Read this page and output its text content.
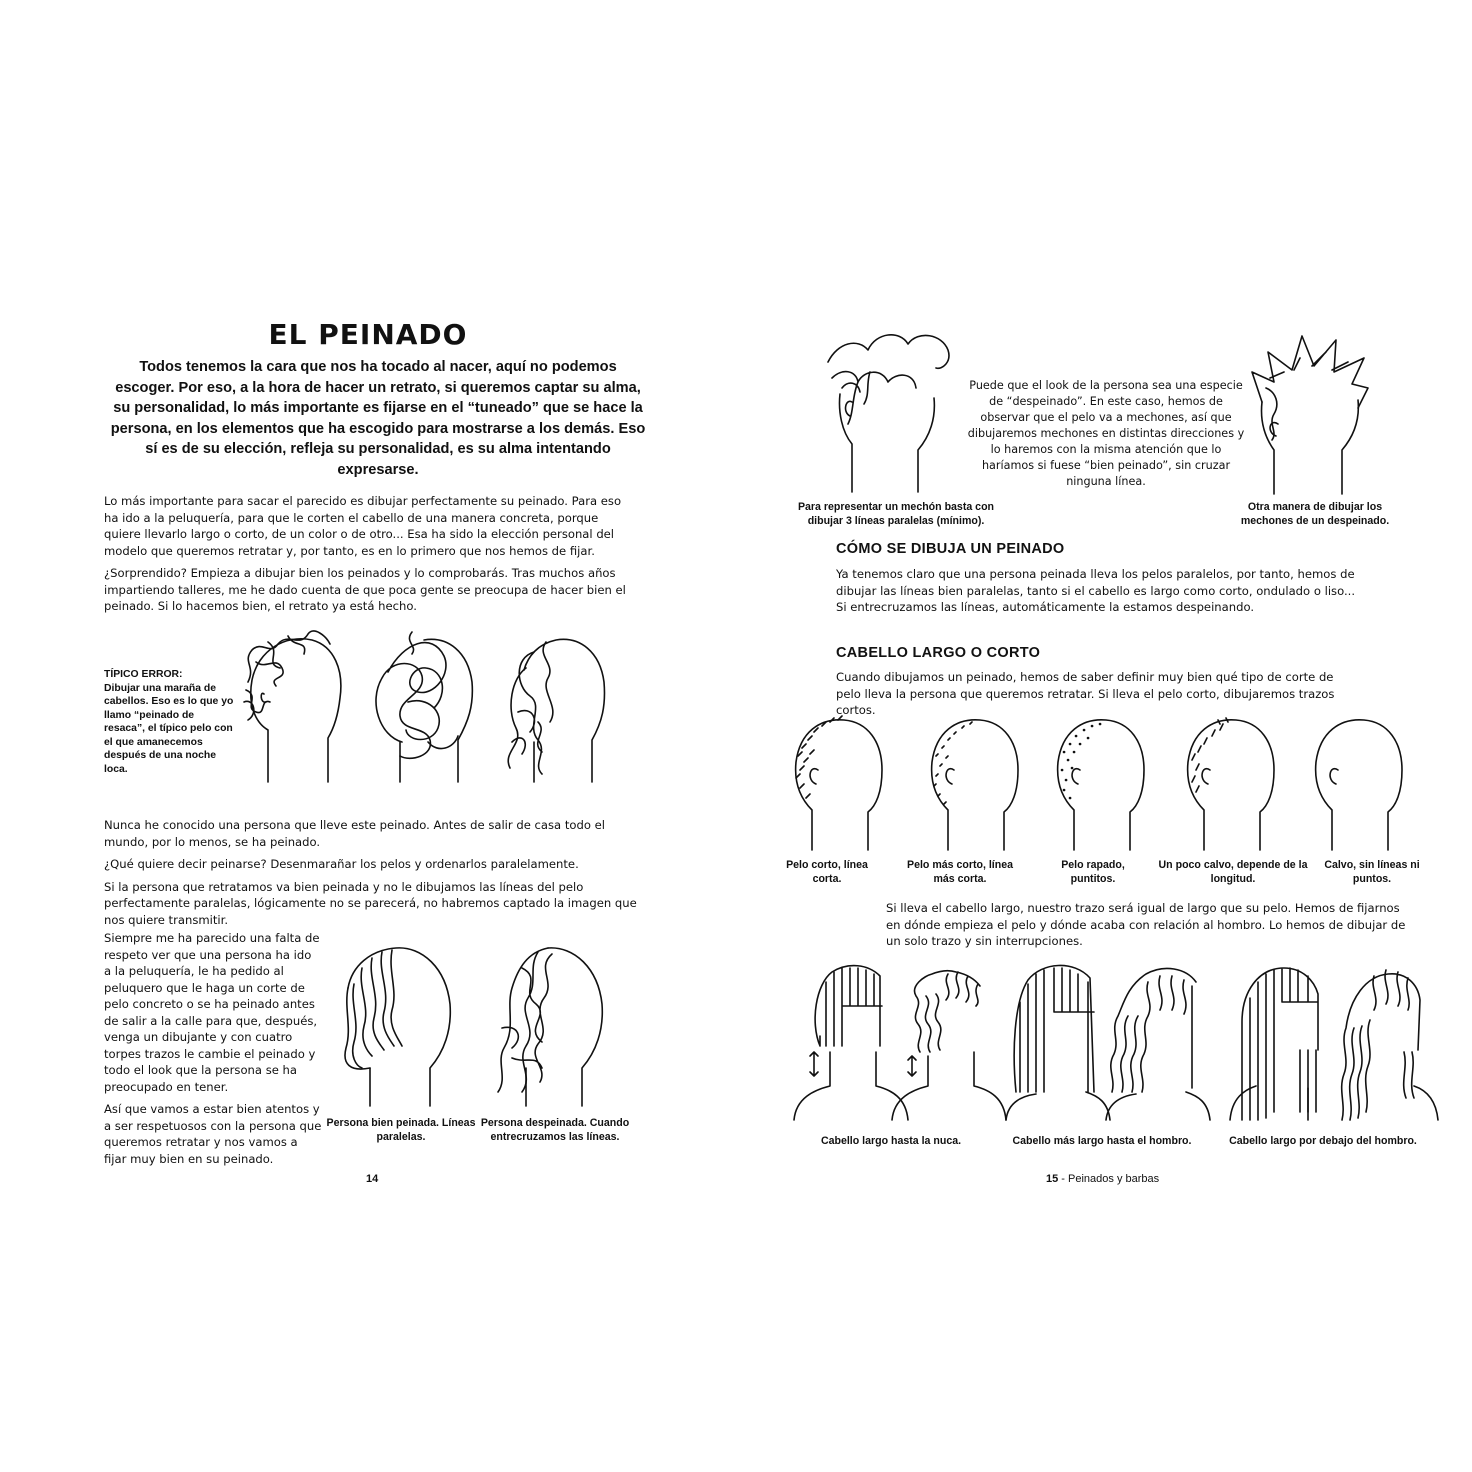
EL PEINADO
Todos tenemos la cara que nos ha tocado al nacer, aquí no podemos escoger. Por eso, a la hora de hacer un retrato, si queremos captar su alma, su personalidad, lo más importante es fijarse en el “tuneado” que se hace la persona, en los elementos que ha escogido para mostrarse a los demás. Eso sí es de su elección, refleja su personalidad, es su alma intentando expresarse.

Lo más importante para sacar el parecido es dibujar perfectamente su peinado. Para eso ha ido a la peluquería, para que le corten el cabello de una manera concreta, porque quiere llevarlo largo o corto, de un color o de otro... Esa ha sido la elección personal del modelo que queremos retratar y, por tanto, es en lo primero que nos hemos de fijar.

¿Sorprendido? Empieza a dibujar bien los peinados y lo comprobarás. Tras muchos años impartiendo talleres, me he dado cuenta de que poca gente se preocupa de hacer bien el peinado. Si lo hacemos bien, el retrato ya está hecho.

TÍPICO ERROR:
Dibujar una maraña de cabellos. Eso es lo que yo llamo “peinado de resaca”, el típico pelo con el que amanecemos después de una noche loca.

Nunca he conocido una persona que lleve este peinado. Antes de salir de casa todo el mundo, por lo menos, se ha peinado.

¿Qué quiere decir peinarse? Desenmarañar los pelos y ordenarlos paralelamente.

Si la persona que retratamos va bien peinada y no le dibujamos las líneas del pelo perfectamente paralelas, lógicamente no se parecerá, no habremos captado la imagen que nos quiere transmitir.

Siempre me ha parecido una falta de respeto ver que una persona ha ido a la peluquería, le ha pedido al peluquero que le haga un corte de pelo concreto o se ha peinado antes de salir a la calle para que, después, venga un dibujante y con cuatro torpes trazos le cambie el peinado y todo el look que la persona se ha preocupado en tener.

Así que vamos a estar bien atentos y a ser respetuosos con la persona que queremos retratar y nos vamos a fijar muy bien en su peinado.

Persona bien peinada. Líneas paralelas.
Persona despeinada. Cuando entrecruzamos las líneas.
14
Puede que el look de la persona sea una especie de “despeinado”. En este caso, hemos de observar que el pelo va a mechones, así que dibujaremos mechones en distintas direcciones y lo haremos con la misma atención que lo haríamos si fuese “bien peinado”, sin cruzar ninguna línea.
Para representar un mechón basta con dibujar 3 líneas paralelas (mínimo).
Otra manera de dibujar los mechones de un despeinado.
CÓMO SE DIBUJA UN PEINADO
Ya tenemos claro que una persona peinada lleva los pelos paralelos, por tanto, hemos de dibujar las líneas bien paralelas, tanto si el cabello es largo como corto, ondulado o liso... Si entrecruzamos las líneas, automáticamente la estamos despeinando.
CABELLO LARGO O CORTO
Cuando dibujamos un peinado, hemos de saber definir muy bien qué tipo de corte de pelo lleva la persona que queremos retratar. Si lleva el pelo corto, dibujaremos trazos cortos.
Pelo corto, línea corta.
Pelo más corto, línea más corta.
Pelo rapado, puntitos.
Un poco calvo, depende de la longitud.
Calvo, sin líneas ni puntos.
Si lleva el cabello largo, nuestro trazo será igual de largo que su pelo. Hemos de fijarnos en dónde empieza el pelo y dónde acaba con relación al hombro. Lo hemos de dibujar de un solo trazo y sin interrupciones.
Cabello largo hasta la nuca.	Cabello más largo hasta el hombro.	Cabello largo por debajo del hombro.
15 - Peinados y barbas
